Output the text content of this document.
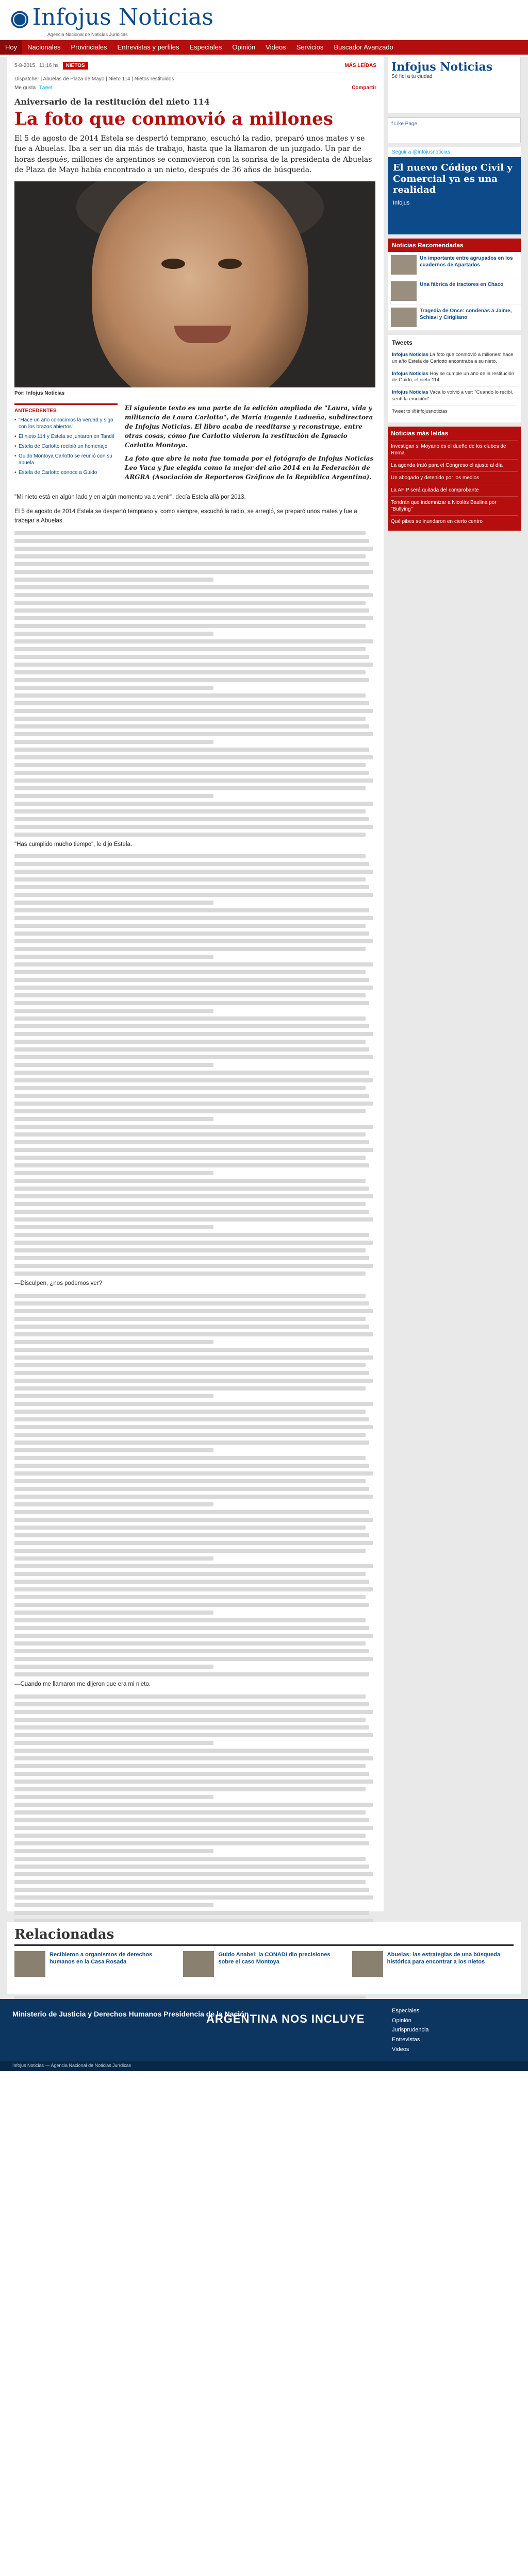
◉ Infojus Noticias
Agencia Nacional de Noticias Jurídicas
Hoy	Nacionales	Provinciales	Entrevistas y perfiles	Especiales	Opinión	Videos	Servicios	Buscador Avanzado
5-8-2015 11:16 hs	NIETOS	MÁS LEÍDAS
Dispatcher | Abuelas de Plaza de Mayo | Nieto 114 | Nietos restituidos
Me gusta Tweet	Compartir
Aniversario de la restitución del nieto 114
La foto que conmovió a millones

El 5 de agosto de 2014 Estela se despertó temprano, escuchó la radio, preparó unos mates y se fue a Abuelas. Iba a ser un día más de trabajo, hasta que la llamaron de un juzgado. Un par de horas después, millones de argentinos se conmovieron con la sonrisa de la presidenta de Abuelas de Plaza de Mayo había encontrado a un nieto, después de 36 años de búsqueda.

Por: Infojus Noticias
ANTECEDENTES
• "Hace un año conocimos la verdad y sigo con los brazos abiertos"
• El nieto 114 y Estela se juntaron en Tandil
• Estela de Carlotto recibió un homenaje
• Guido Montoya Carlotto se reunió con su abuela
• Estela de Carlotto conoce a Guido

El siguiente texto es una parte de la edición ampliada de "Laura, vida y militancia de Laura Carlotto", de María Eugenia Ludueña, subdirectora de Infojus Noticias. El libro acaba de reeditarse y reconstruye, entre otras cosas, cómo fue Carlotto vivieron la restitución de Ignacio Carlotto Montoya.

La foto que abre la nota fue tomada por el fotógrafo de Infojus Noticias Leo Vaca y fue elegida como la mejor del año 2014 en la Federación de ARGRA (Asociación de Reporteros Gráficos de la República Argentina).

"Mi nieto está en algún lado y en algún momento va a venir", decía Estela allá por 2013.

El 5 de agosto de 2014 Estela se despertó temprano y, como siempre, escuchó la radio, se arregló, se preparó unos mates y fue a trabajar a Abuelas.

"Has cumplido mucho tiempo", le dijo Estela.

—Disculpen, ¿nos podemos ver?

—Cuando me llamaron me dijeron que era mi nieto.

Infojus Noticias
Sé fiel a tu ciudad
f Like Page
Seguir a @infojusnoticias
El nuevo Código Civil y Comercial ya es una realidad
Infojus
Noticias Recomendadas
Un importante entre agrupados en los cuadernos de Apartados
Una fábrica de tractores en Chaco
Tragedia de Once: condenas a Jaime, Schiavi y Cirigliano
Tweets
Infojus Noticias La foto que conmovió a millones: hace un año Estela de Carlotto encontraba a su nieto.
Infojus Noticias Hoy se cumple un año de la restitución de Guido, el nieto 114.
Infojus Noticias Vaca lo volvió a ver: "Cuando lo recibí, sentí la emoción".
Tweet to @infojusnoticias
Noticias más leídas
Investigan si Moyano es el dueño de los clubes de Roma
La agenda trató para el Congreso el ajuste al día
Un abogado y detenido por los medios
La AFIP será quitada del comprobante
Tendrán que indemnizar a Nicolás Baulina por "Bullying"
Qué pibes se inundaron en cierto centro
Relacionadas
Recibieron a organismos de derechos humanos en la Casa Rosada
Guido Anabel: la CONADI dio precisiones sobre el caso Montoya
Abuelas: las estrategias de una búsqueda histórica para encontrar a los nietos
Ministerio de Justicia y Derechos Humanos Presidencia de la Nación
ARGENTINA NOS INCLUYE
Especiales
Opinión
Jurisprudencia
Entrevistas
Videos
Infojus Noticias — Agencia Nacional de Noticias Jurídicas
